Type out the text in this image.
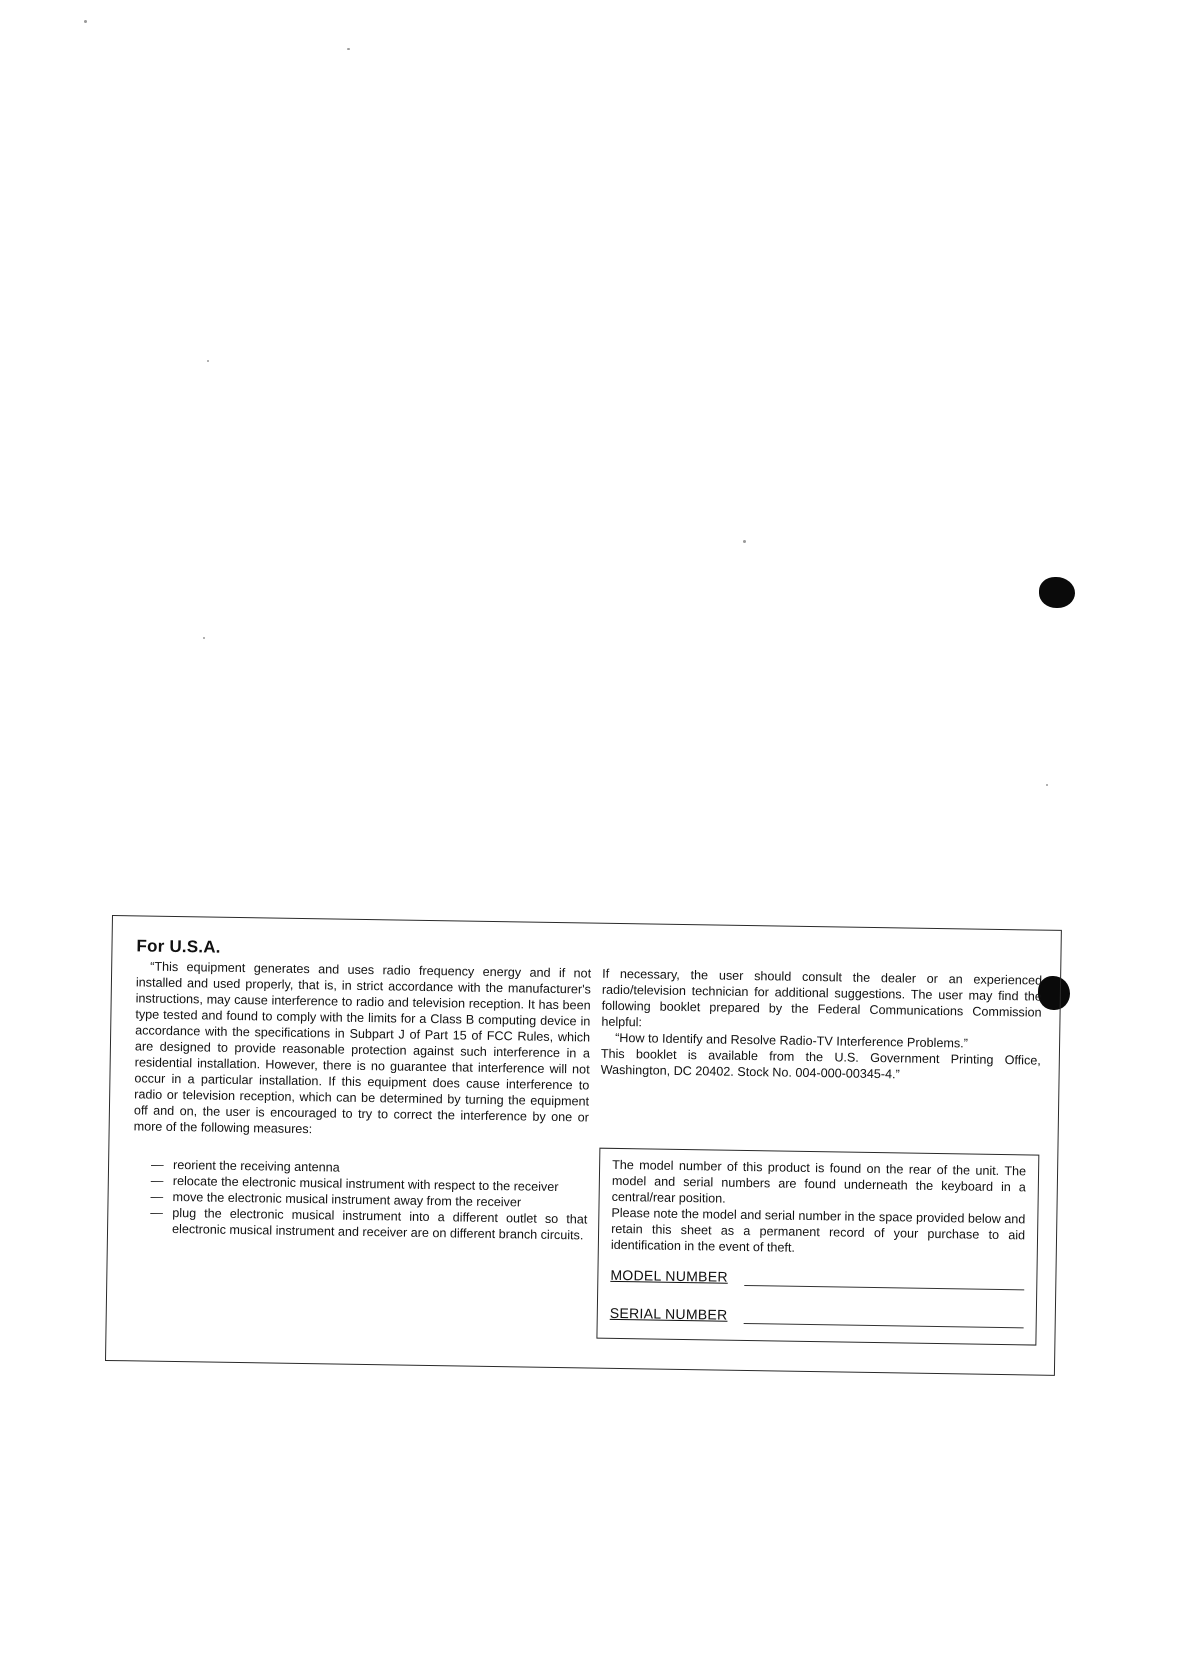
For U.S.A.

“This equipment generates and uses radio frequency energy and if not installed and used properly, that is, in strict accordance with the manufacturer's instructions, may cause interference to radio and television reception. It has been type tested and found to comply with the limits for a Class B computing device in accordance with the specifications in Subpart J of Part 15 of FCC Rules, which are designed to provide reasonable protection against such interference in a residential installation. However, there is no guarantee that interference will not occur in a particular installation. If this equipment does cause interference to radio or television reception, which can be determined by turning the equipment off and on, the user is encouraged to try to correct the interference by one or more of the following measures:

— reorient the receiving antenna
— relocate the electronic musical instrument with respect to the receiver
— move the electronic musical instrument away from the receiver
— plug the electronic musical instrument into a different outlet so that electronic musical instrument and receiver are on different branch circuits.

If necessary, the user should consult the dealer or an experienced radio/television technician for additional suggestions. The user may find the following booklet prepared by the Federal Communications Commission helpful:

“How to Identify and Resolve Radio-TV Interference Problems.”

This booklet is available from the U.S. Government Printing Office, Washington, DC 20402. Stock No. 004-000-00345-4.”

The model number of this product is found on the rear of the unit. The model and serial numbers are found underneath the keyboard in a central/rear position.

Please note the model and serial number in the space provided below and retain this sheet as a permanent record of your purchase to aid identification in the event of theft.

MODEL NUMBER
SERIAL NUMBER
